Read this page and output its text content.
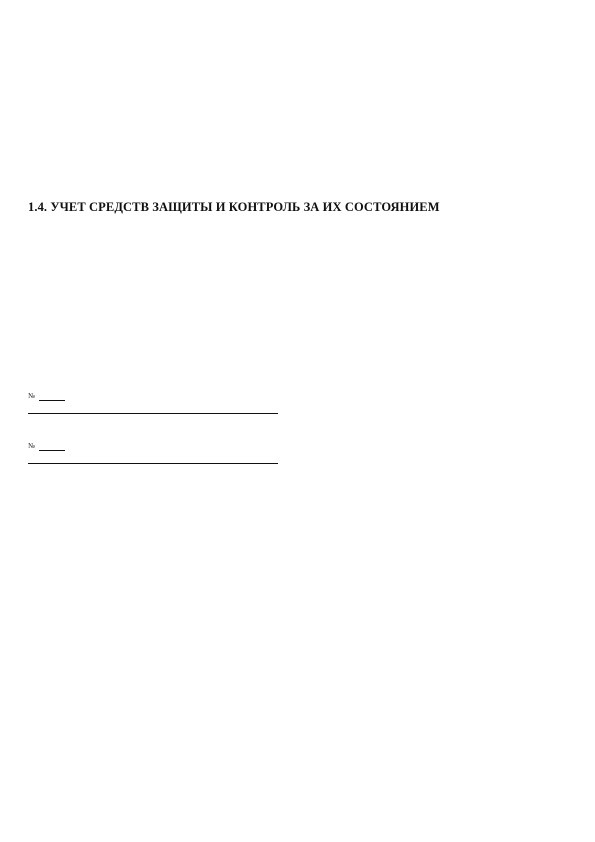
1.4. УЧЕТ СРЕДСТВ ЗАЩИТЫ И КОНТРОЛЬ ЗА ИХ СОСТОЯНИЕМ

№

№
